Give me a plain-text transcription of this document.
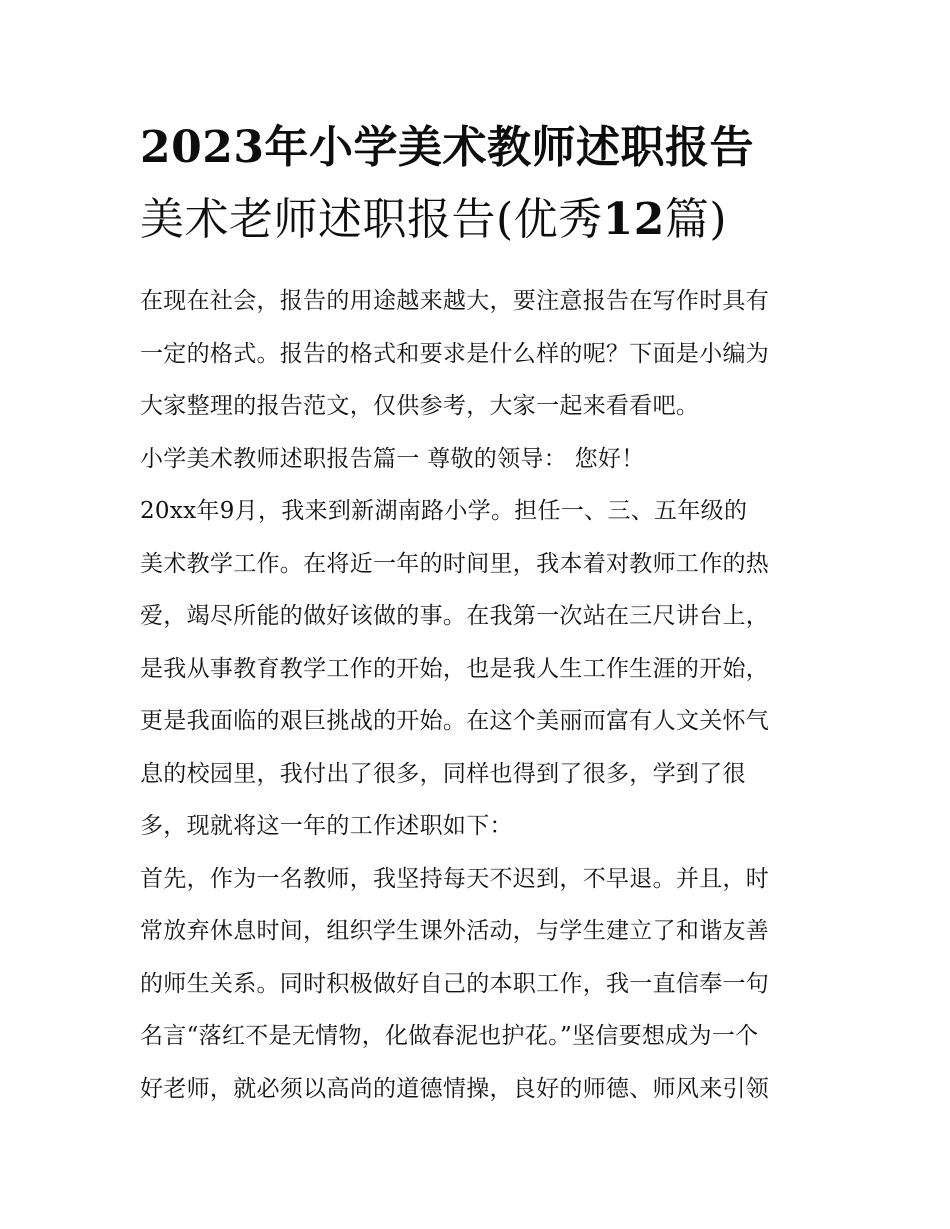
2023年小学美术教师述职报告
美术老师述职报告(优秀12篇)
在现在社会，报告的用途越来越大，要注意报告在写作时具有
一定的格式。报告的格式和要求是什么样的呢？下面是小编为
大家整理的报告范文，仅供参考，大家一起来看看吧。
小学美术教师述职报告篇一 尊敬的领导： 您好！
20xx年9月，我来到新湖南路小学。担任一、三、五年级的
美术教学工作。在将近一年的时间里，我本着对教师工作的热
爱，竭尽所能的做好该做的事。在我第一次站在三尺讲台上，
是我从事教育教学工作的开始，也是我人生工作生涯的开始，
更是我面临的艰巨挑战的开始。在这个美丽而富有人文关怀气
息的校园里，我付出了很多，同样也得到了很多，学到了很
多，现就将这一年的工作述职如下：
首先，作为一名教师，我坚持每天不迟到，不早退。并且，时
常放弃休息时间，组织学生课外活动，与学生建立了和谐友善
的师生关系。同时积极做好自己的本职工作，我一直信奉一句
名言“落红不是无情物，化做春泥也护花。”坚信要想成为一个
好老师，就必须以高尚的道德情操，良好的师德、师风来引领
